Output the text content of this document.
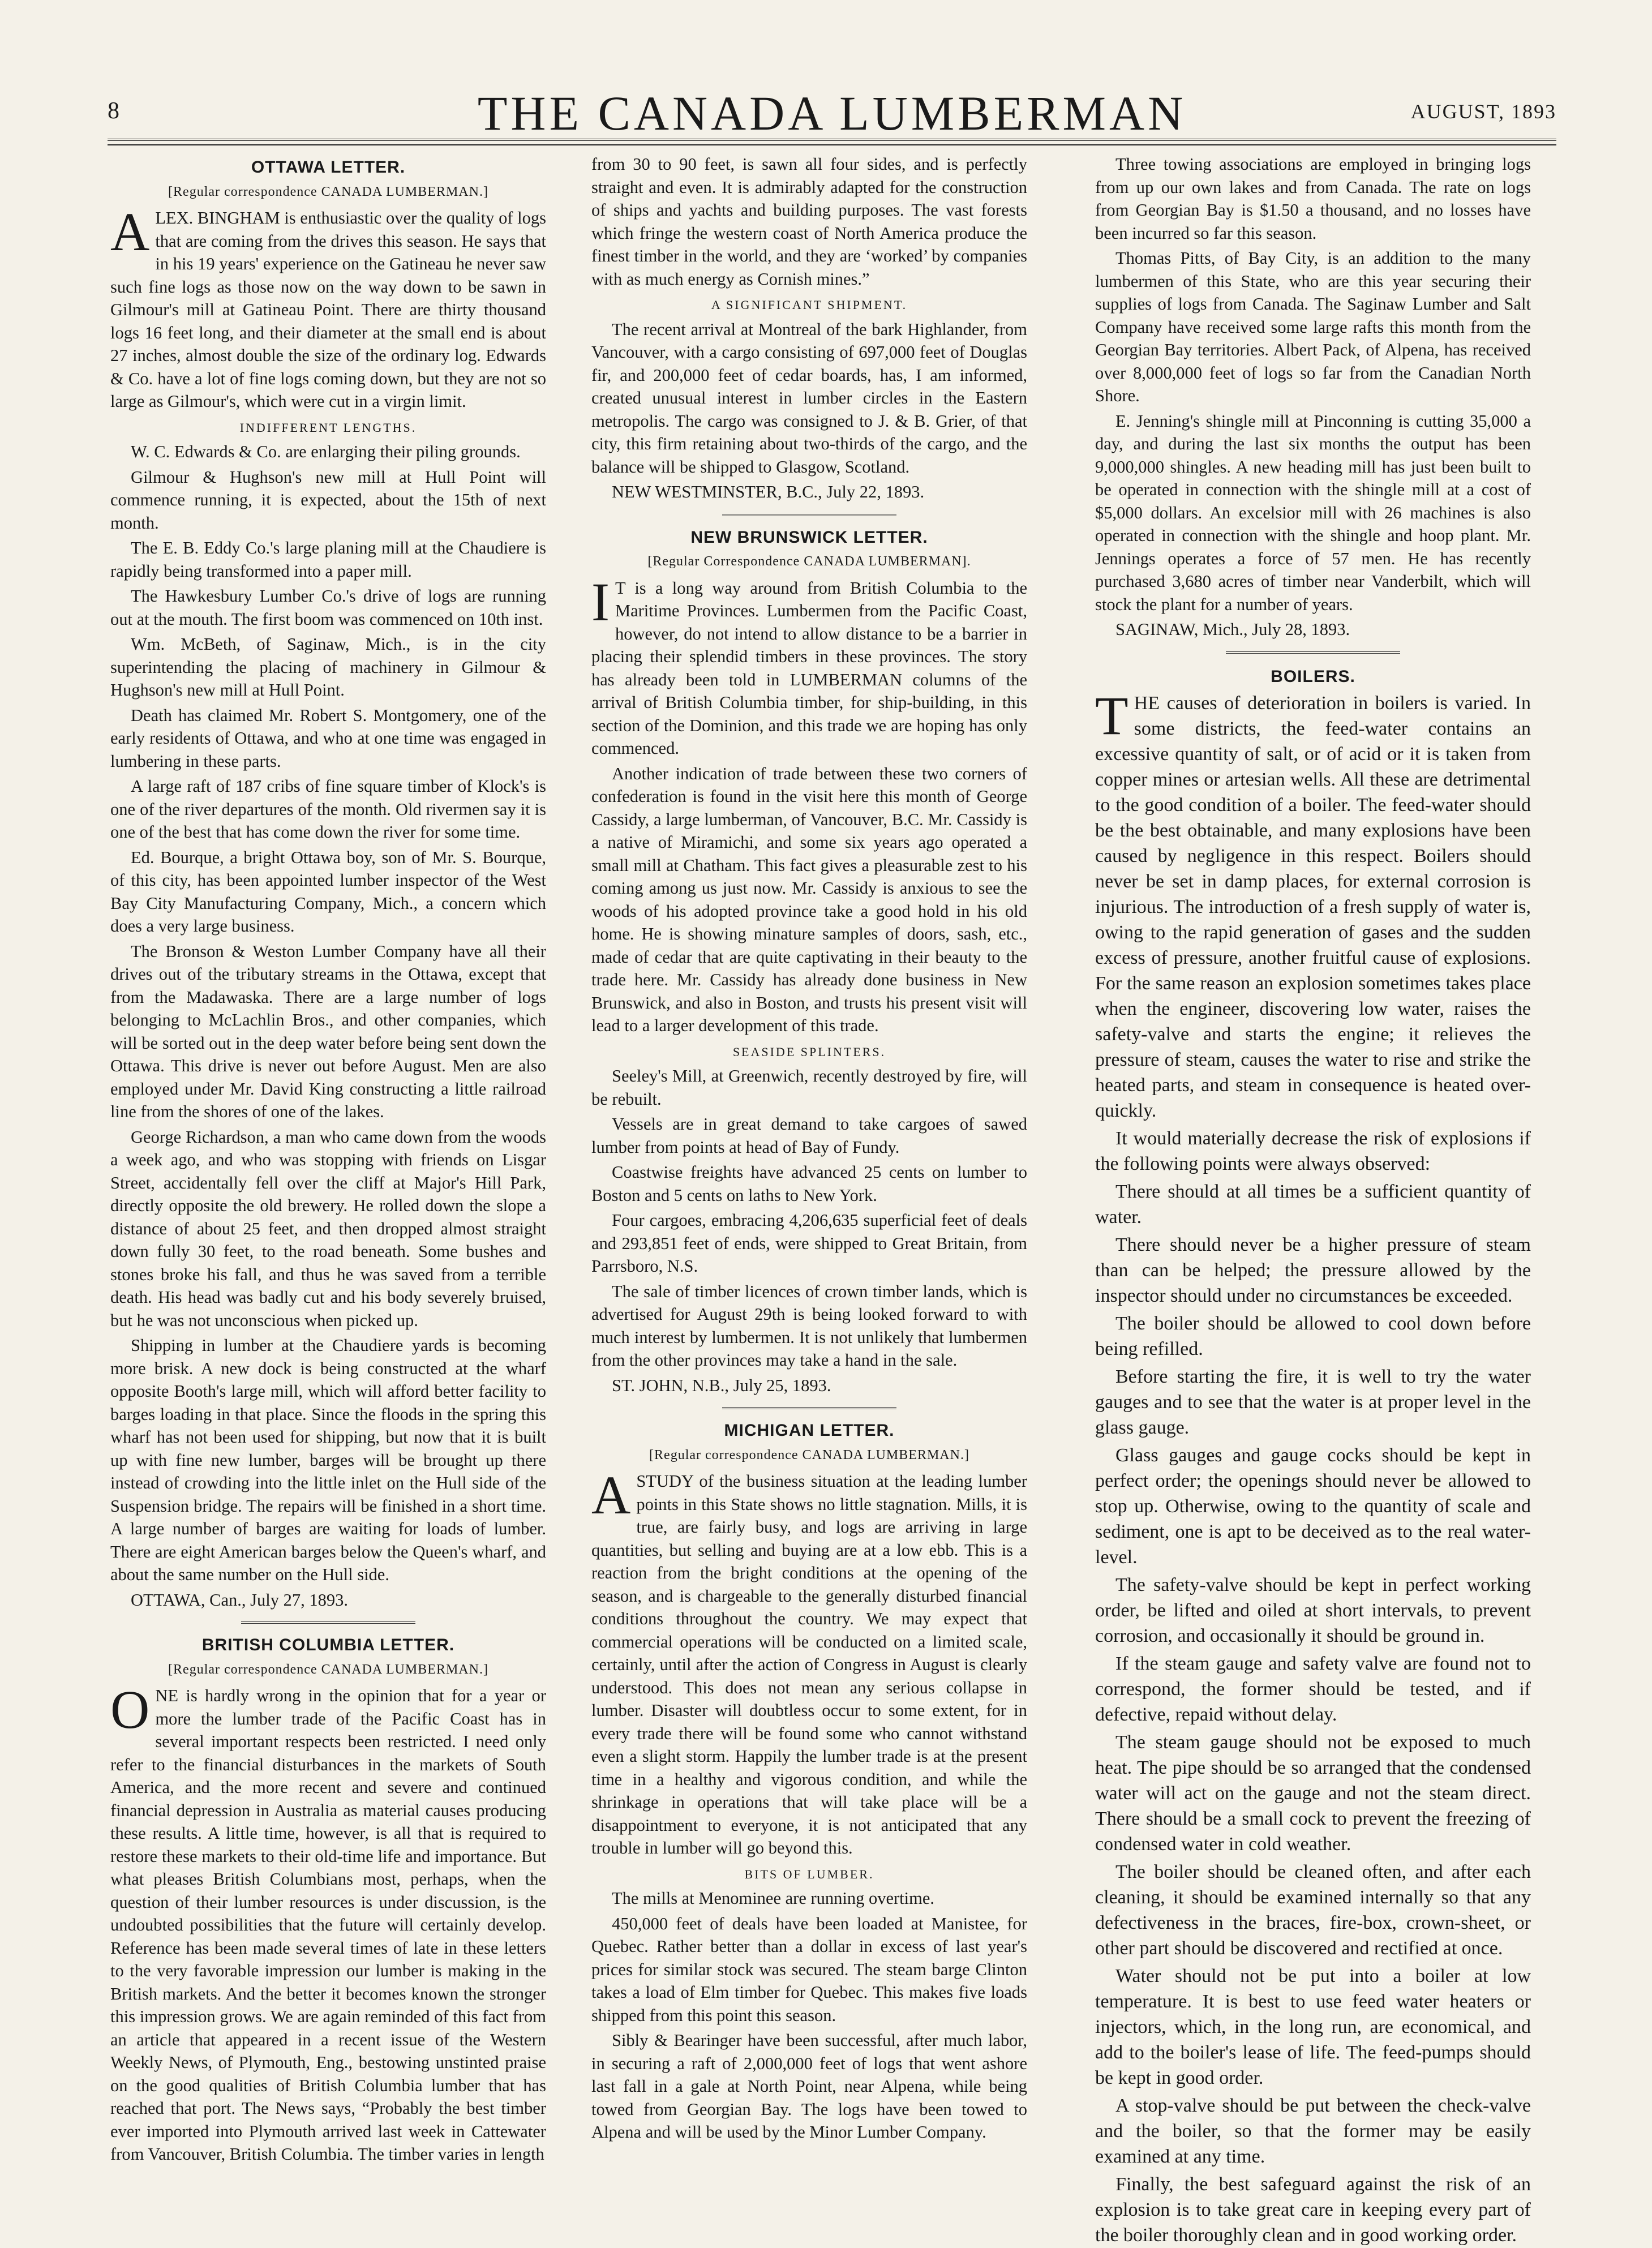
8	THE CANADA LUMBERMAN	AUGUST, 1893
OTTAWA LETTER.
[Regular correspondence CANADA LUMBERMAN.]

ALEX. BINGHAM is enthusiastic over the quality of logs that are coming from the drives this season. He says that in his 19 years' experience on the Gatineau he never saw such fine logs as those now on the way down to be sawn in Gilmour's mill at Gatineau Point. There are thirty thousand logs 16 feet long, and their diameter at the small end is about 27 inches, almost double the size of the ordinary log. Edwards & Co. have a lot of fine logs coming down, but they are not so large as Gilmour's, which were cut in a virgin limit.

INDIFFERENT LENGTHS.

W. C. Edwards & Co. are enlarging their piling grounds.

Gilmour & Hughson's new mill at Hull Point will commence running, it is expected, about the 15th of next month.

The E. B. Eddy Co.'s large planing mill at the Chaudiere is rapidly being transformed into a paper mill.

The Hawkesbury Lumber Co.'s drive of logs are running out at the mouth. The first boom was commenced on 10th inst.

Wm. McBeth, of Saginaw, Mich., is in the city superintending the placing of machinery in Gilmour & Hughson's new mill at Hull Point.

Death has claimed Mr. Robert S. Montgomery, one of the early residents of Ottawa, and who at one time was engaged in lumbering in these parts.

A large raft of 187 cribs of fine square timber of Klock's is one of the river departures of the month. Old rivermen say it is one of the best that has come down the river for some time.

Ed. Bourque, a bright Ottawa boy, son of Mr. S. Bourque, of this city, has been appointed lumber inspector of the West Bay City Manufacturing Company, Mich., a concern which does a very large business.

The Bronson & Weston Lumber Company have all their drives out of the tributary streams in the Ottawa, except that from the Madawaska. There are a large number of logs belonging to McLachlin Bros., and other companies, which will be sorted out in the deep water before being sent down the Ottawa. This drive is never out before August. Men are also employed under Mr. David King constructing a little railroad line from the shores of one of the lakes.

George Richardson, a man who came down from the woods a week ago, and who was stopping with friends on Lisgar Street, accidentally fell over the cliff at Major's Hill Park, directly opposite the old brewery. He rolled down the slope a distance of about 25 feet, and then dropped almost straight down fully 30 feet, to the road beneath. Some bushes and stones broke his fall, and thus he was saved from a terrible death. His head was badly cut and his body severely bruised, but he was not unconscious when picked up.

Shipping in lumber at the Chaudiere yards is becoming more brisk. A new dock is being constructed at the wharf opposite Booth's large mill, which will afford better facility to barges loading in that place. Since the floods in the spring this wharf has not been used for shipping, but now that it is built up with fine new lumber, barges will be brought up there instead of crowding into the little inlet on the Hull side of the Suspension bridge. The repairs will be finished in a short time. A large number of barges are waiting for loads of lumber. There are eight American barges below the Queen's wharf, and about the same number on the Hull side.

OTTAWA, Can., July 27, 1893.

BRITISH COLUMBIA LETTER.
[Regular correspondence CANADA LUMBERMAN.]

ONE is hardly wrong in the opinion that for a year or more the lumber trade of the Pacific Coast has in several important respects been restricted. I need only refer to the financial disturbances in the markets of South America, and the more recent and severe and continued financial depression in Australia as material causes producing these results. A little time, however, is all that is required to restore these markets to their old-time life and importance. But what pleases British Columbians most, perhaps, when the question of their lumber resources is under discussion, is the undoubted possibilities that the future will certainly develop. Reference has been made several times of late in these letters to the very favorable impression our lumber is making in the British markets. And the better it becomes known the stronger this impression grows. We are again reminded of this fact from an article that appeared in a recent issue of the Western Weekly News, of Plymouth, Eng., bestowing unstinted praise on the good qualities of British Columbia lumber that has reached that port. The News says, “Probably the best timber ever imported into Plymouth arrived last week in Cattewater from Vancouver, British Columbia. The timber varies in length

from 30 to 90 feet, is sawn all four sides, and is perfectly straight and even. It is admirably adapted for the construction of ships and yachts and building purposes. The vast forests which fringe the western coast of North America produce the finest timber in the world, and they are ‘worked’ by companies with as much energy as Cornish mines.”

A SIGNIFICANT SHIPMENT.

The recent arrival at Montreal of the bark Highlander, from Vancouver, with a cargo consisting of 697,000 feet of Douglas fir, and 200,000 feet of cedar boards, has, I am informed, created unusual interest in lumber circles in the Eastern metropolis. The cargo was consigned to J. & B. Grier, of that city, this firm retaining about two-thirds of the cargo, and the balance will be shipped to Glasgow, Scotland.

NEW WESTMINSTER, B.C., July 22, 1893.

NEW BRUNSWICK LETTER.
[Regular Correspondence CANADA LUMBERMAN].

I T is a long way around from British Columbia to the Maritime Provinces. Lumbermen from the Pacific Coast, however, do not intend to allow distance to be a barrier in placing their splendid timbers in these provinces. The story has already been told in LUMBERMAN columns of the arrival of British Columbia timber, for ship-building, in this section of the Dominion, and this trade we are hoping has only commenced.

Another indication of trade between these two corners of confederation is found in the visit here this month of George Cassidy, a large lumberman, of Vancouver, B.C. Mr. Cassidy is a native of Miramichi, and some six years ago operated a small mill at Chatham. This fact gives a pleasurable zest to his coming among us just now. Mr. Cassidy is anxious to see the woods of his adopted province take a good hold in his old home. He is showing minature samples of doors, sash, etc., made of cedar that are quite captivating in their beauty to the trade here. Mr. Cassidy has already done business in New Brunswick, and also in Boston, and trusts his present visit will lead to a larger development of this trade.

SEASIDE SPLINTERS.

Seeley's Mill, at Greenwich, recently destroyed by fire, will be rebuilt.

Vessels are in great demand to take cargoes of sawed lumber from points at head of Bay of Fundy.

Coastwise freights have advanced 25 cents on lumber to Boston and 5 cents on laths to New York.

Four cargoes, embracing 4,206,635 superficial feet of deals and 293,851 feet of ends, were shipped to Great Britain, from Parrsboro, N.S.

The sale of timber licences of crown timber lands, which is advertised for August 29th is being looked forward to with much interest by lumbermen. It is not unlikely that lumbermen from the other provinces may take a hand in the sale.

ST. JOHN, N.B., July 25, 1893.

MICHIGAN LETTER.
[Regular correspondence CANADA LUMBERMAN.]

ASTUDY of the business situation at the leading lumber points in this State shows no little stagnation. Mills, it is true, are fairly busy, and logs are arriving in large quantities, but selling and buying are at a low ebb. This is a reaction from the bright conditions at the opening of the season, and is chargeable to the generally disturbed financial conditions throughout the country. We may expect that commercial operations will be conducted on a limited scale, certainly, until after the action of Congress in August is clearly understood. This does not mean any serious collapse in lumber. Disaster will doubtless occur to some extent, for in every trade there will be found some who cannot withstand even a slight storm. Happily the lumber trade is at the present time in a healthy and vigorous condition, and while the shrinkage in operations that will take place will be a disappointment to everyone, it is not anticipated that any trouble in lumber will go beyond this.

BITS OF LUMBER.

The mills at Menominee are running overtime.

450,000 feet of deals have been loaded at Manistee, for Quebec. Rather better than a dollar in excess of last year's prices for similar stock was secured. The steam barge Clinton takes a load of Elm timber for Quebec. This makes five loads shipped from this point this season.

Sibly & Bearinger have been successful, after much labor, in securing a raft of 2,000,000 feet of logs that went ashore last fall in a gale at North Point, near Alpena, while being towed from Georgian Bay. The logs have been towed to Alpena and will be used by the Minor Lumber Company.

Three towing associations are employed in bringing logs from up our own lakes and from Canada. The rate on logs from Georgian Bay is $1.50 a thousand, and no losses have been incurred so far this season.

Thomas Pitts, of Bay City, is an addition to the many lumbermen of this State, who are this year securing their supplies of logs from Canada. The Saginaw Lumber and Salt Company have received some large rafts this month from the Georgian Bay territories. Albert Pack, of Alpena, has received over 8,000,000 feet of logs so far from the Canadian North Shore.

E. Jenning's shingle mill at Pinconning is cutting 35,000 a day, and during the last six months the output has been 9,000,000 shingles. A new heading mill has just been built to be operated in connection with the shingle mill at a cost of $5,000 dollars. An excelsior mill with 26 machines is also operated in connection with the shingle and hoop plant. Mr. Jennings operates a force of 57 men. He has recently purchased 3,680 acres of timber near Vanderbilt, which will stock the plant for a number of years.

SAGINAW, Mich., July 28, 1893.

BOILERS.

THE causes of deterioration in boilers is varied. In some districts, the feed-water contains an excessive quantity of salt, or of acid or it is taken from copper mines or artesian wells. All these are detrimental to the good condition of a boiler. The feed-water should be the best obtainable, and many explosions have been caused by negligence in this respect. Boilers should never be set in damp places, for external corrosion is injurious. The introduction of a fresh supply of water is, owing to the rapid generation of gases and the sudden excess of pressure, another fruitful cause of explosions. For the same reason an explosion sometimes takes place when the engineer, discovering low water, raises the safety-valve and starts the engine; it relieves the pressure of steam, causes the water to rise and strike the heated parts, and steam in consequence is heated over-quickly.

It would materially decrease the risk of explosions if the following points were always observed:

There should at all times be a sufficient quantity of water.

There should never be a higher pressure of steam than can be helped; the pressure allowed by the inspector should under no circumstances be exceeded.

The boiler should be allowed to cool down before being refilled.

Before starting the fire, it is well to try the water gauges and to see that the water is at proper level in the glass gauge.

Glass gauges and gauge cocks should be kept in perfect order; the openings should never be allowed to stop up. Otherwise, owing to the quantity of scale and sediment, one is apt to be deceived as to the real water-level.

The safety-valve should be kept in perfect working order, be lifted and oiled at short intervals, to prevent corrosion, and occasionally it should be ground in.

If the steam gauge and safety valve are found not to correspond, the former should be tested, and if defective, repaid without delay.

The steam gauge should not be exposed to much heat. The pipe should be so arranged that the condensed water will act on the gauge and not the steam direct. There should be a small cock to prevent the freezing of condensed water in cold weather.

The boiler should be cleaned often, and after each cleaning, it should be examined internally so that any defectiveness in the braces, fire-box, crown-sheet, or other part should be discovered and rectified at once.

Water should not be put into a boiler at low temperature. It is best to use feed water heaters or injectors, which, in the long run, are economical, and add to the boiler's lease of life. The feed-pumps should be kept in good order.

A stop-valve should be put between the check-valve and the boiler, so that the former may be easily examined at any time.

Finally, the best safeguard against the risk of an explosion is to take great care in keeping every part of the boiler thoroughly clean and in good working order.
